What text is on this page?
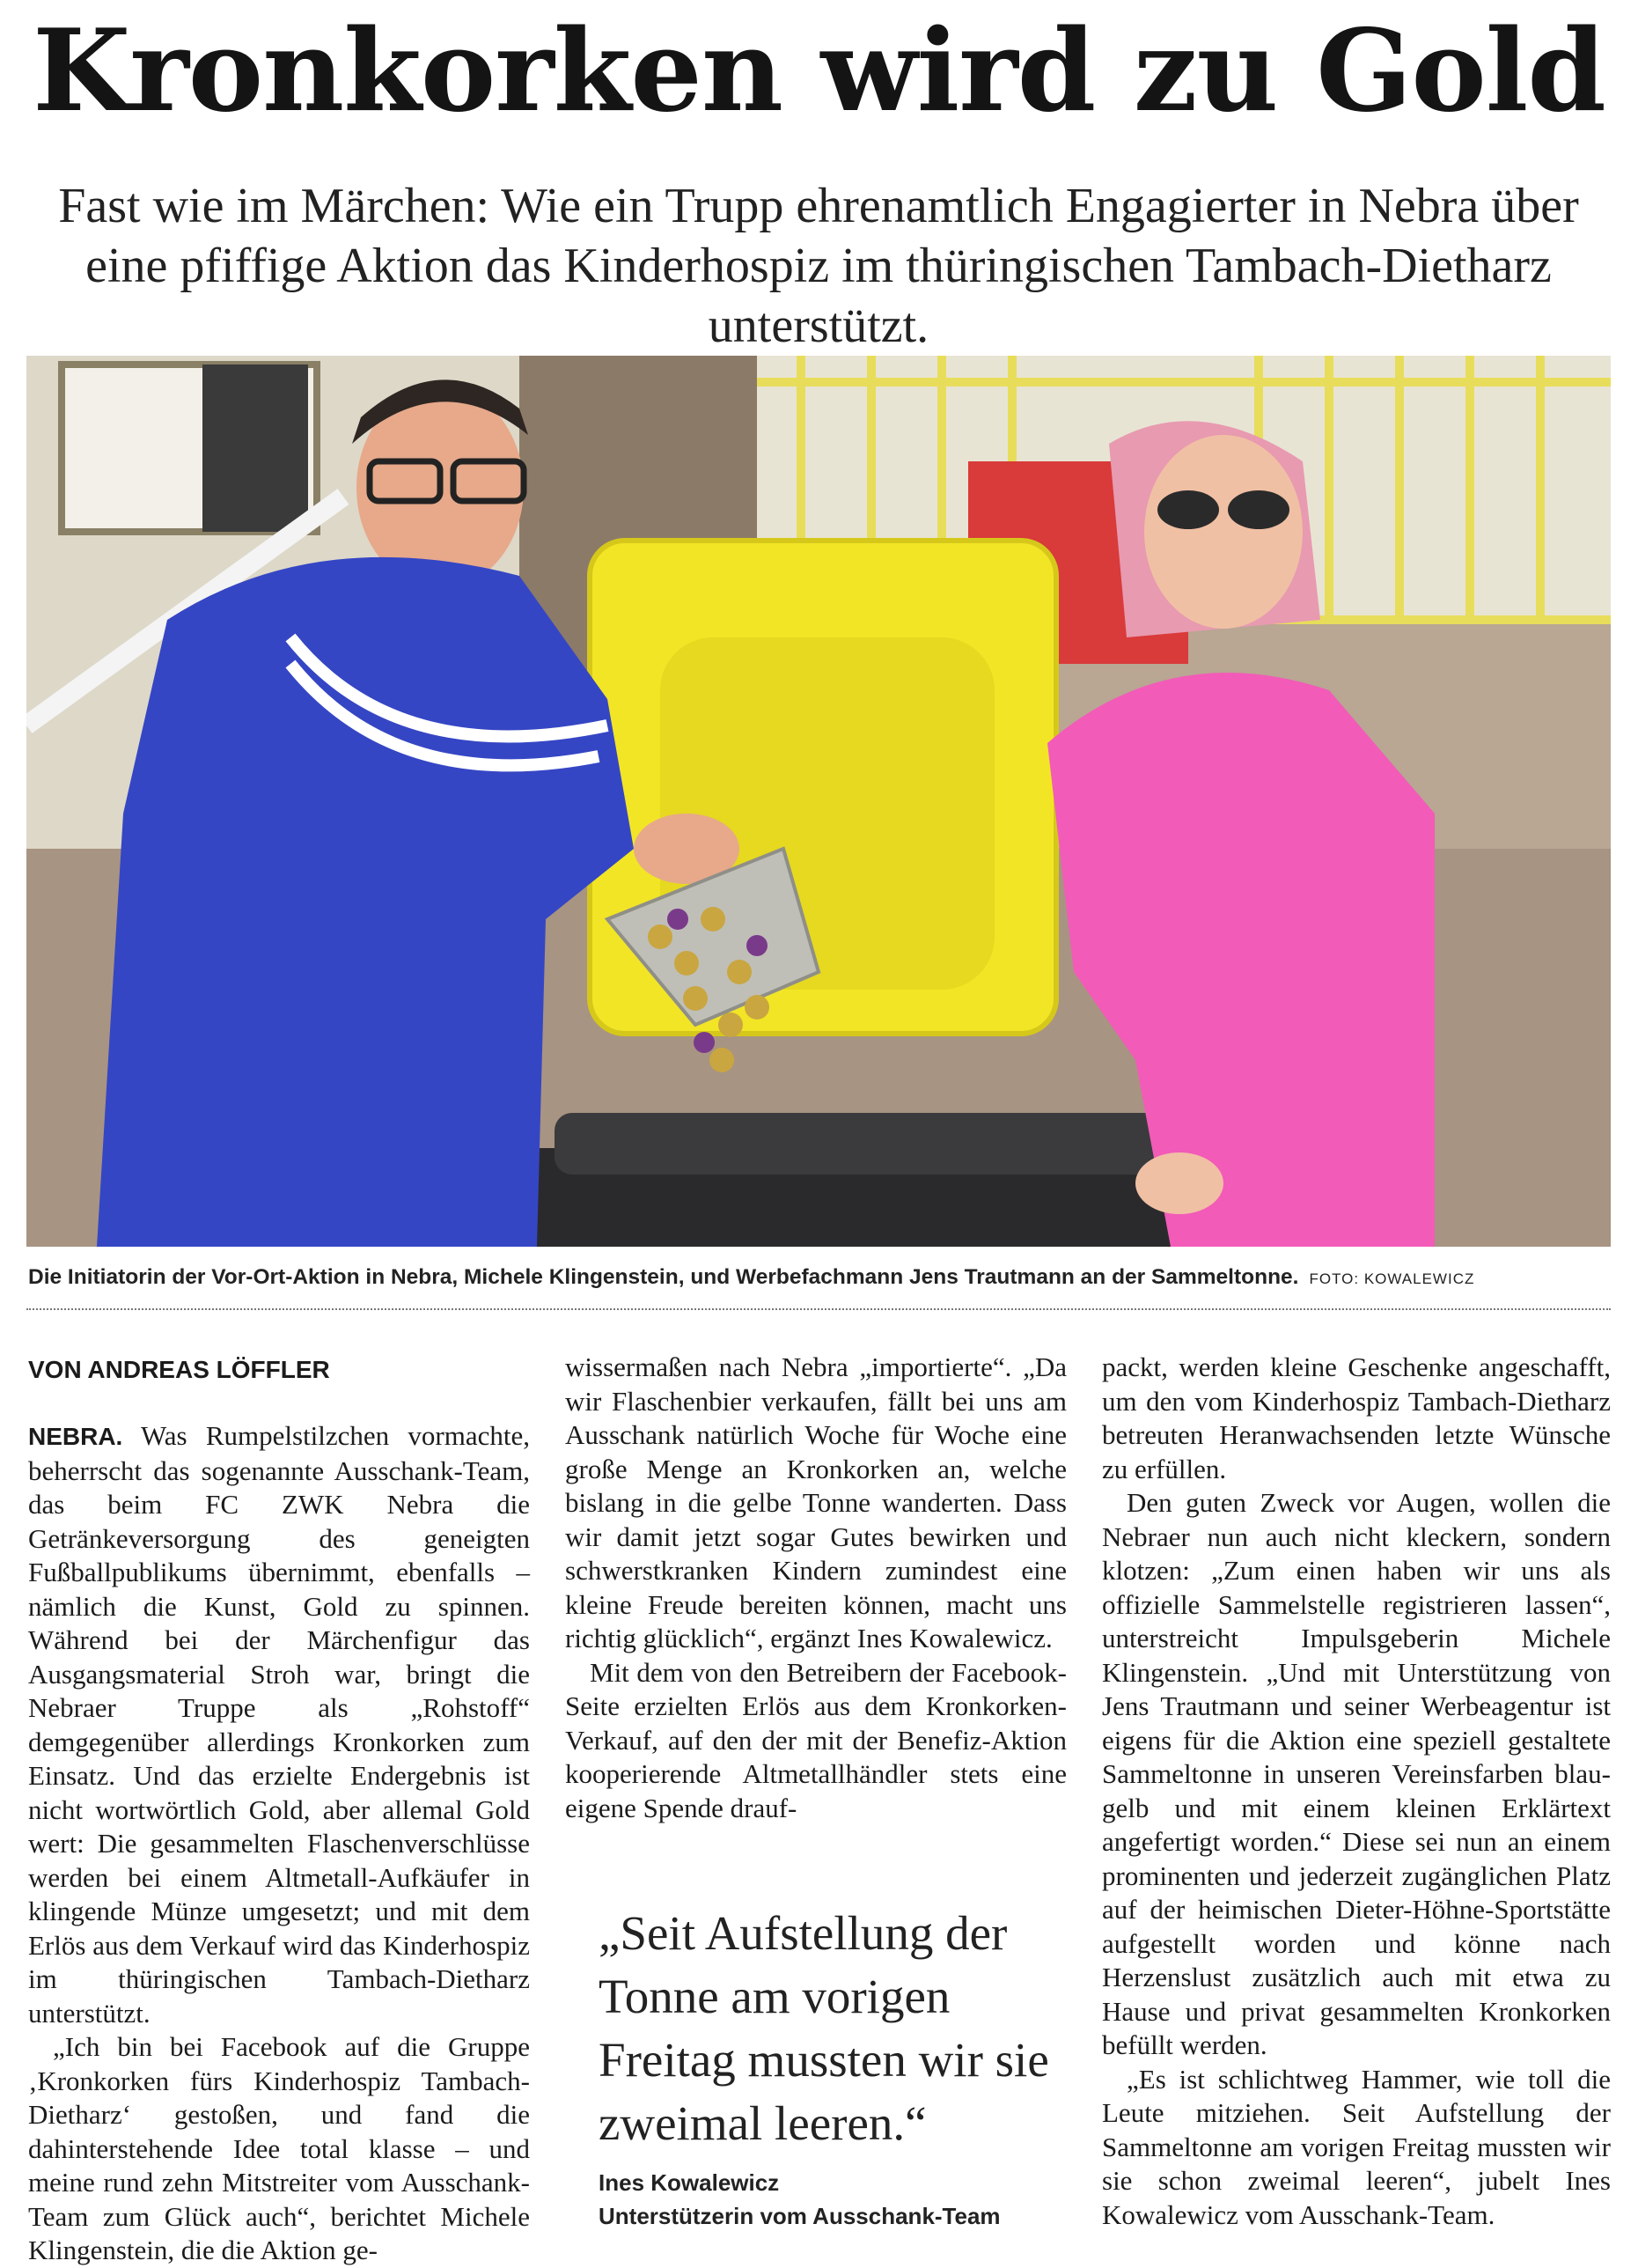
Kronkorken wird zu Gold

Fast wie im Märchen: Wie ein Trupp ehrenamtlich Engagierter in Nebra über eine pfiffige Aktion das Kinderhospiz im thüringischen Tambach-Dietharz unterstützt.

Die Initiatorin der Vor-Ort-Aktion in Nebra, Michele Klingenstein, und Werbefachmann Jens Trautmann an der Sammeltonne. FOTO: KOWALEWICZ
VON ANDREAS LÖFFLER

NEBRA. Was Rumpelstilzchen vormachte, beherrscht das sogenannte Ausschank-Team, das beim FC ZWK Nebra die Getränkeversorgung des geneigten Fußballpublikums übernimmt, ebenfalls – nämlich die Kunst, Gold zu spinnen. Während bei der Märchenfigur das Ausgangsmaterial Stroh war, bringt die Nebraer Truppe als „Rohstoff“ demgegenüber allerdings Kronkorken zum Einsatz. Und das erzielte Endergebnis ist nicht wortwörtlich Gold, aber allemal Gold wert: Die gesammelten Flaschenverschlüsse werden bei einem Altmetall-Aufkäufer in klingende Münze umgesetzt; und mit dem Erlös aus dem Verkauf wird das Kinderhospiz im thüringischen Tambach-Dietharz unterstützt.

„Ich bin bei Facebook auf die Gruppe ‚Kronkorken fürs Kinderhospiz Tambach-Dietharz‘ gestoßen, und fand die dahinterstehende Idee total klasse – und meine rund zehn Mitstreiter vom Ausschank-Team zum Glück auch“, berichtet Michele Klingenstein, die die Aktion ge-

wissermaßen nach Nebra „importierte“. „Da wir Flaschenbier verkaufen, fällt bei uns am Ausschank natürlich Woche für Woche eine große Menge an Kronkorken an, welche bislang in die gelbe Tonne wanderten. Dass wir damit jetzt sogar Gutes bewirken und schwerstkranken Kindern zumindest eine kleine Freude bereiten können, macht uns richtig glücklich“, ergänzt Ines Kowalewicz.

Mit dem von den Betreibern der Facebook-Seite erzielten Erlös aus dem Kronkorken-Verkauf, auf den der mit der Benefiz-Aktion kooperierende Altmetallhändler stets eine eigene Spende drauf-

„Seit Aufstellung der Tonne am vorigen Freitag mussten wir sie zweimal leeren.“

Ines Kowalewicz
Unterstützerin vom Ausschank-Team

packt, werden kleine Geschenke angeschafft, um den vom Kinderhospiz Tambach-Dietharz betreuten Heranwachsenden letzte Wünsche zu erfüllen.

Den guten Zweck vor Augen, wollen die Nebraer nun auch nicht kleckern, sondern klotzen: „Zum einen haben wir uns als offizielle Sammelstelle registrieren lassen“, unterstreicht Impulsgeberin Michele Klingenstein. „Und mit Unterstützung von Jens Trautmann und seiner Werbeagentur ist eigens für die Aktion eine speziell gestaltete Sammeltonne in unseren Vereinsfarben blau-gelb und mit einem kleinen Erklärtext angefertigt worden.“ Diese sei nun an einem prominenten und jederzeit zugänglichen Platz auf der heimischen Dieter-Höhne-Sportstätte aufgestellt worden und könne nach Herzenslust zusätzlich auch mit etwa zu Hause und privat gesammelten Kronkorken befüllt werden.

„Es ist schlichtweg Hammer, wie toll die Leute mitziehen. Seit Aufstellung der Sammeltonne am vorigen Freitag mussten wir sie schon zweimal leeren“, jubelt Ines Kowalewicz vom Ausschank-Team.
